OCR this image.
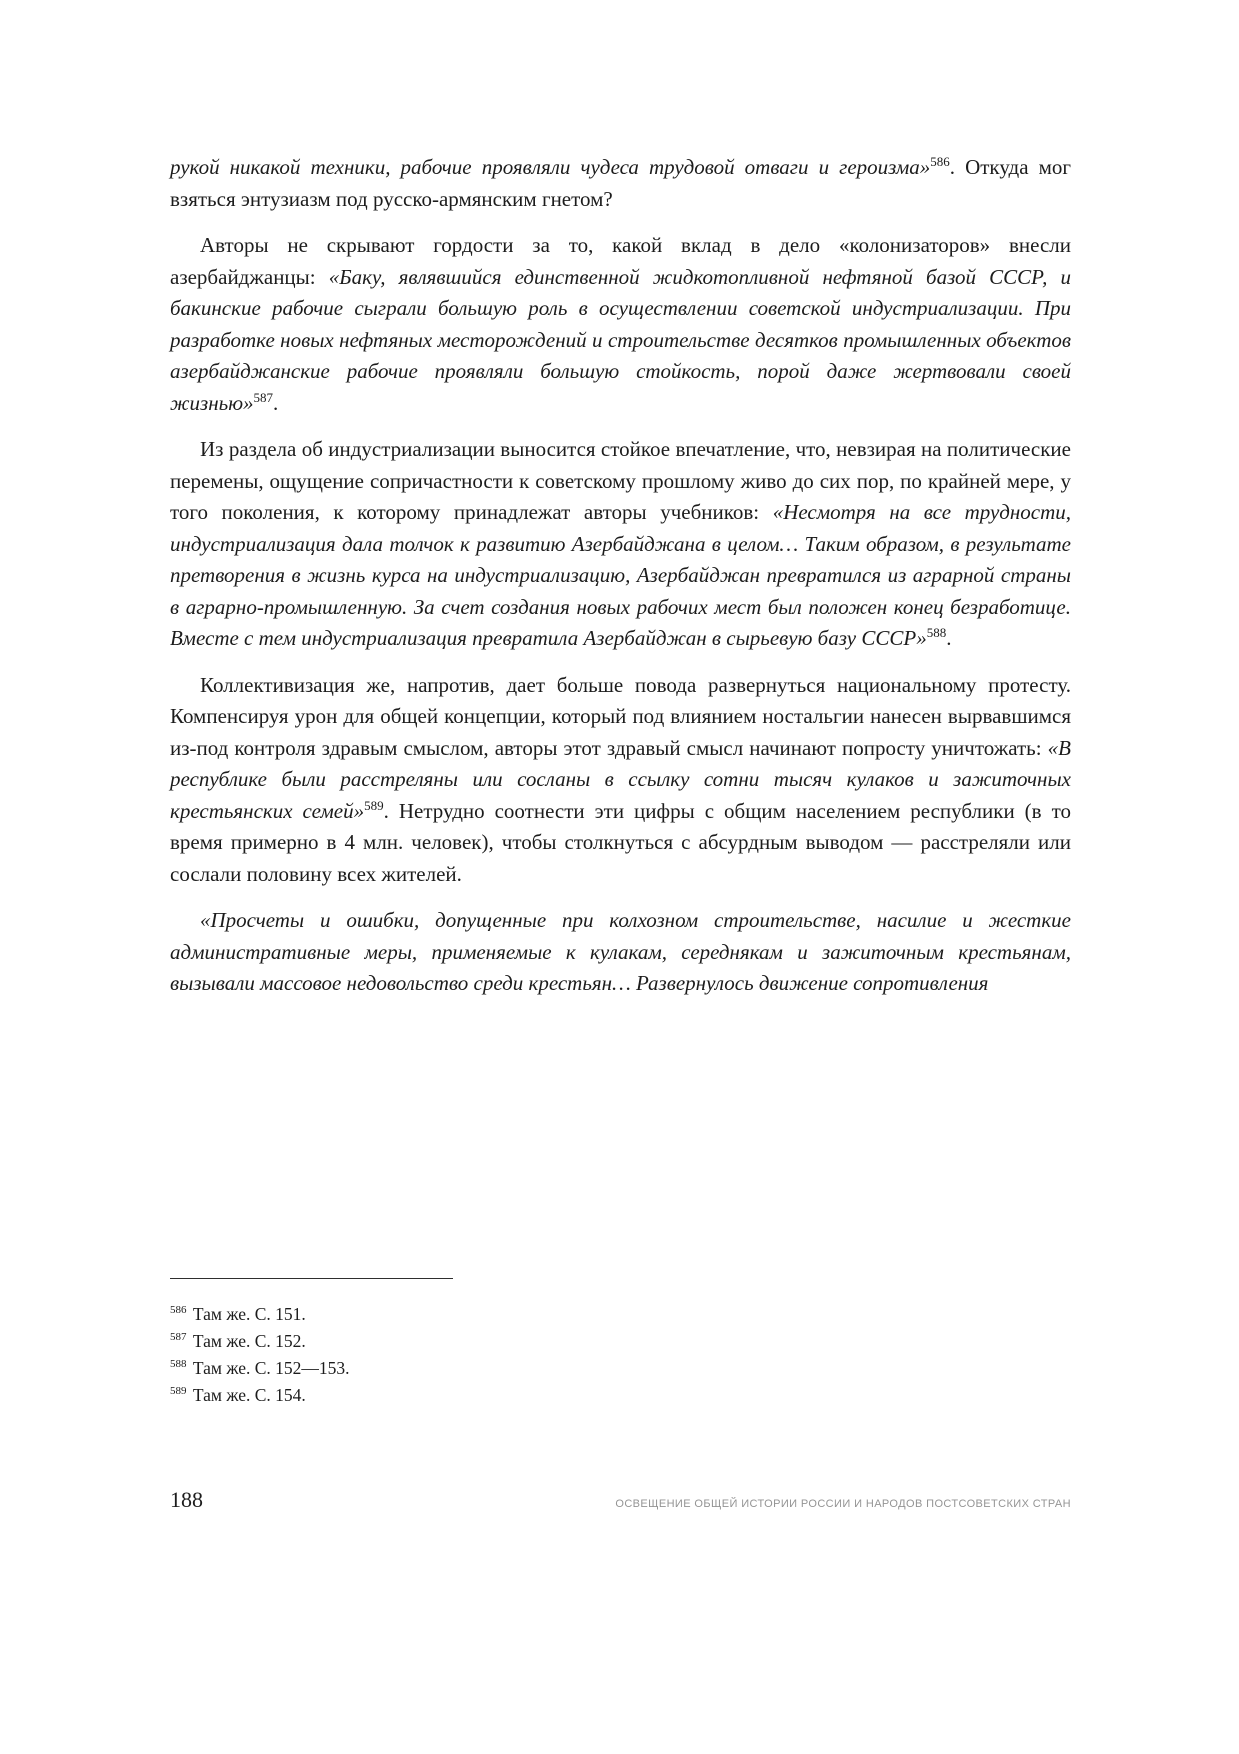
рукой никакой техники, рабочие проявляли чудеса трудовой отваги и героизма»$^{586}$. Откуда мог взяться энтузиазм под русско-армянским гнетом?

Авторы не скрывают гордости за то, какой вклад в дело «колонизаторов» внесли азербайджанцы: «Баку, являвшийся единственной жидкотопливной нефтяной базой СССР, и бакинские рабочие сыграли большую роль в осуществлении советской индустриализации. При разработке новых нефтяных месторождений и строительстве десятков промышленных объектов азербайджанские рабочие проявляли большую стойкость, порой даже жертвовали своей жизнью»$^{587}$.

Из раздела об индустриализации выносится стойкое впечатление, что, невзирая на политические перемены, ощущение сопричастности к советскому прошлому живо до сих пор, по крайней мере, у того поколения, к которому принадлежат авторы учебников: «Несмотря на все трудности, индустриализация дала толчок к развитию Азербайджана в целом… Таким образом, в результате претворения в жизнь курса на индустриализацию, Азербайджан превратился из аграрной страны в аграрно-промышленную. За счет создания новых рабочих мест был положен конец безработице. Вместе с тем индустриализация превратила Азербайджан в сырьевую базу СССР»$^{588}$.

Коллективизация же, напротив, дает больше повода развернуться национальному протесту. Компенсируя урон для общей концепции, который под влиянием ностальгии нанесен вырвавшимся из-под контроля здравым смыслом, авторы этот здравый смысл начинают попросту уничтожать: «В республике были расстреляны или сосланы в ссылку сотни тысяч кулаков и зажиточных крестьянских семей»$^{589}$. Нетрудно соотнести эти цифры с общим населением республики (в то время примерно в 4 млн. человек), чтобы столкнуться с абсурдным выводом — расстреляли или сослали половину всех жителей.

«Просчеты и ошибки, допущенные при колхозном строительстве, насилие и жесткие административные меры, применяемые к кулакам, середнякам и зажиточным крестьянам, вызывали массовое недовольство среди крестьян… Развернулось движение сопротивления

$^{586}$ Там же. С. 151.
$^{587}$ Там же. С. 152.
$^{588}$ Там же. С. 152—153.
$^{589}$ Там же. С. 154.
188	ОСВЕЩЕНИЕ ОБЩЕЙ ИСТОРИИ РОССИИ И НАРОДОВ ПОСТСОВЕТСКИХ СТРАН
